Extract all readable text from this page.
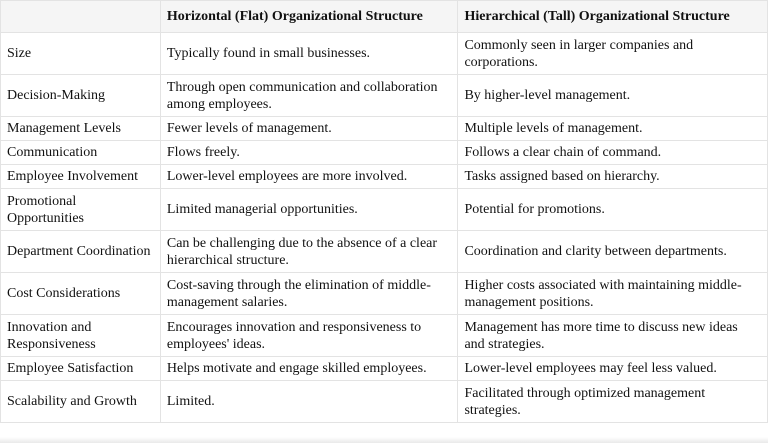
	Horizontal (Flat) Organizational Structure	Hierarchical (Tall) Organizational Structure
Size	Typically found in small businesses.	Commonly seen in larger companies and corporations.
Decision-Making	Through open communication and collaboration among employees.	By higher-level management.
Management Levels	Fewer levels of management.	Multiple levels of management.
Communication	Flows freely.	Follows a clear chain of command.
Employee Involvement	Lower-level employees are more involved.	Tasks assigned based on hierarchy.
Promotional Opportunities	Limited managerial opportunities.	Potential for promotions.
Department Coordination	Can be challenging due to the absence of a clear hierarchical structure.	Coordination and clarity between departments.
Cost Considerations	Cost-saving through the elimination of middle-management salaries.	Higher costs associated with maintaining middle-management positions.
Innovation and Responsiveness	Encourages innovation and responsiveness to employees' ideas.	Management has more time to discuss new ideas and strategies.
Employee Satisfaction	Helps motivate and engage skilled employees.	Lower-level employees may feel less valued.
Scalability and Growth	Limited.	Facilitated through optimized management strategies.
